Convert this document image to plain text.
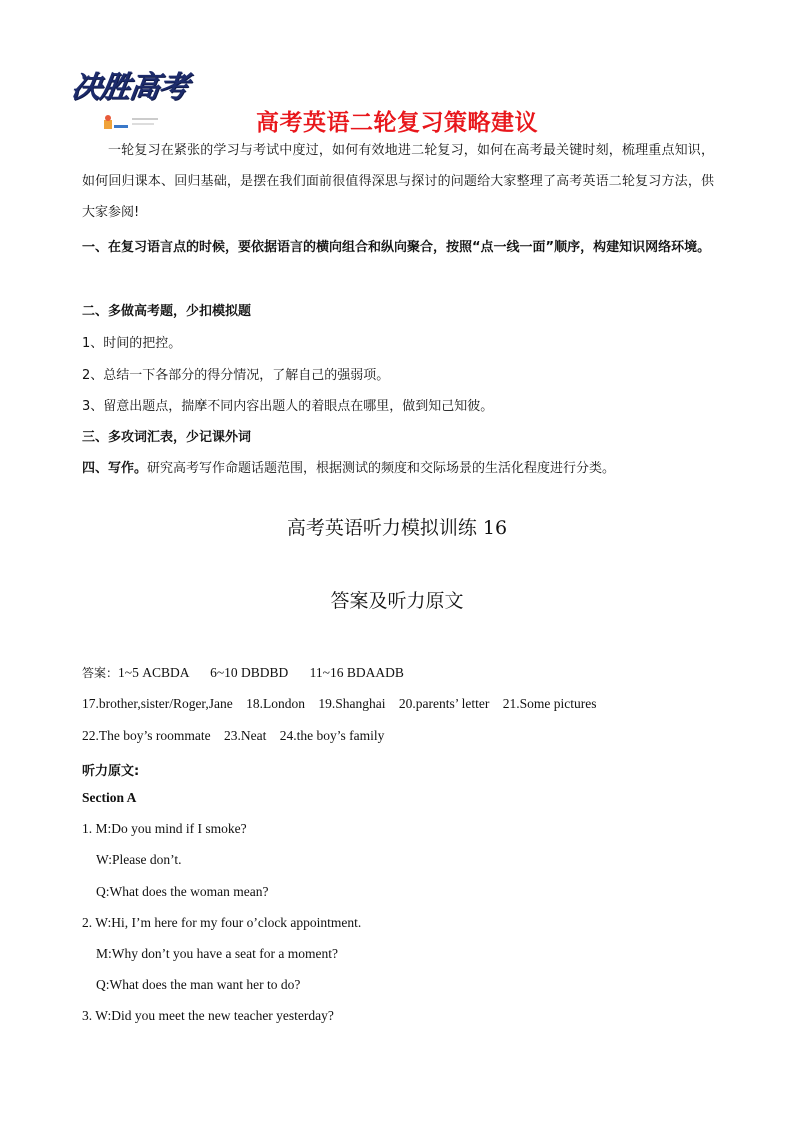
决胜高考
高考英语二轮复习策略建议
一轮复习在紧张的学习与考试中度过，如何有效地进二轮复习，如何在高考最关键时刻，梳理重点知识，如何回归课本、回归基础，是摆在我们面前很值得深思与探讨的问题给大家整理了高考英语二轮复习方法，供大家参阅!
一、在复习语言点的时候，要依据语言的横向组合和纵向聚合，按照“点一线一面”顺序，构建知识网络环境。
二、多做高考题，少扣模拟题
1、时间的把控。
2、总结一下各部分的得分情况，了解自己的强弱项。
3、留意出题点，揣摩不同内容出题人的着眼点在哪里，做到知己知彼。
三、多攻词汇表，少记课外词
四、写作。研究高考写作命题话题范围，根据测试的频度和交际场景的生活化程度进行分类。
高考英语听力模拟训练 16
答案及听力原文
答案：1~5 ACBDA 6~10 DBDBD 11~16 BDAADB
17.brother,sister/Roger,Jane 18.London 19.Shanghai 20.parents’ letter 21.Some pictures
22.The boy’s roommate 23.Neat 24.the boy’s family
听力原文:
Section A
1. M:Do you mind if I smoke?
W:Please don’t.
Q:What does the woman mean?
2. W:Hi, I’m here for my four o’clock appointment.
M:Why don’t you have a seat for a moment?
Q:What does the man want her to do?
3. W:Did you meet the new teacher yesterday?
